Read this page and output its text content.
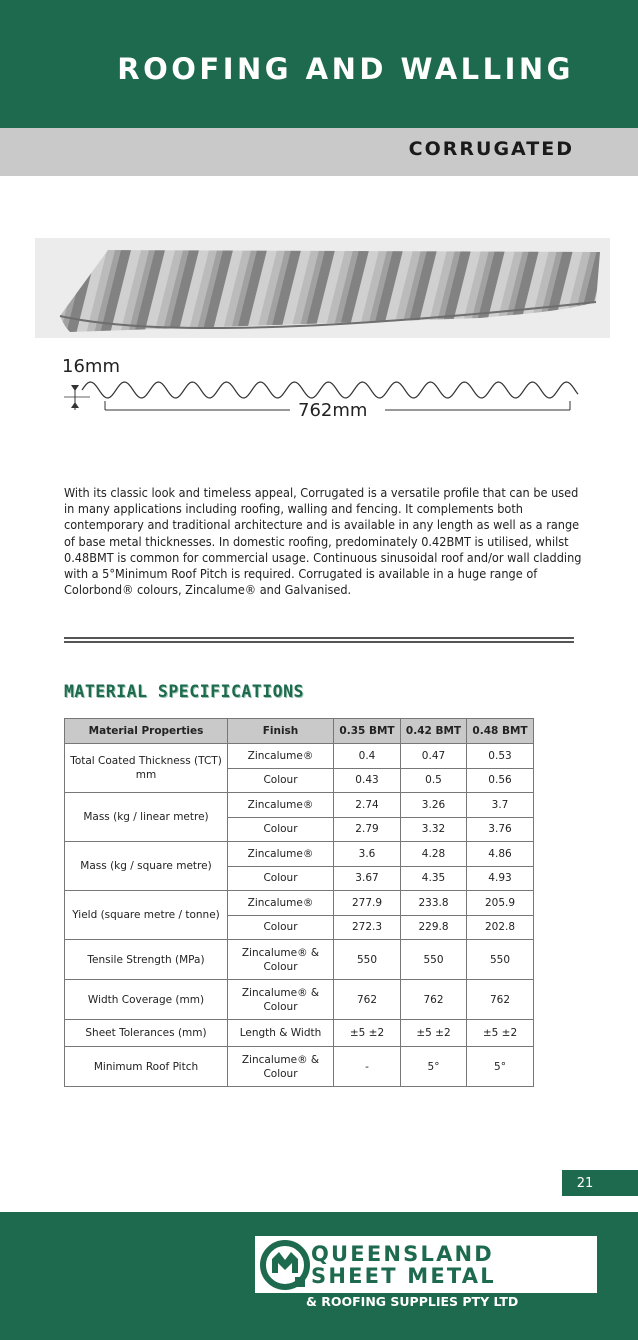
ROOFING AND WALLING
CORRUGATED
16mm
762mm
With its classic look and timeless appeal, Corrugated is a versatile profile that can be used in many applications including roofing, walling and fencing. It complements both contemporary and traditional architecture and is available in any length as well as a range of base metal thicknesses. In domestic roofing, predominately 0.42BMT is utilised, whilst 0.48BMT is common for commercial usage. Continuous sinusoidal roof and/or wall cladding with a 5°Minimum Roof Pitch is required. Corrugated is available in a huge range of Colorbond® colours, Zincalume® and Galvanised.
MATERIAL SPECIFICATIONS
Material Properties	Finish	0.35 BMT	0.42 BMT	0.48 BMT
Total Coated Thickness (TCT) mm	Zincalume®	0.4	0.47	0.53
	Colour	0.43	0.5	0.56
Mass (kg / linear metre)	Zincalume®	2.74	3.26	3.7
	Colour	2.79	3.32	3.76
Mass (kg / square metre)	Zincalume®	3.6	4.28	4.86
	Colour	3.67	4.35	4.93
Yield (square metre / tonne)	Zincalume®	277.9	233.8	205.9
	Colour	272.3	229.8	202.8
Tensile Strength (MPa)	Zincalume® & Colour	550	550	550
Width Coverage (mm)	Zincalume® & Colour	762	762	762
Sheet Tolerances (mm)	Length & Width	±5 ±2	±5 ±2	±5 ±2
Minimum Roof Pitch	Zincalume® & Colour	-	5°	5°
21
QUEENSLAND
SHEET METAL
& ROOFING SUPPLIES PTY LTD
